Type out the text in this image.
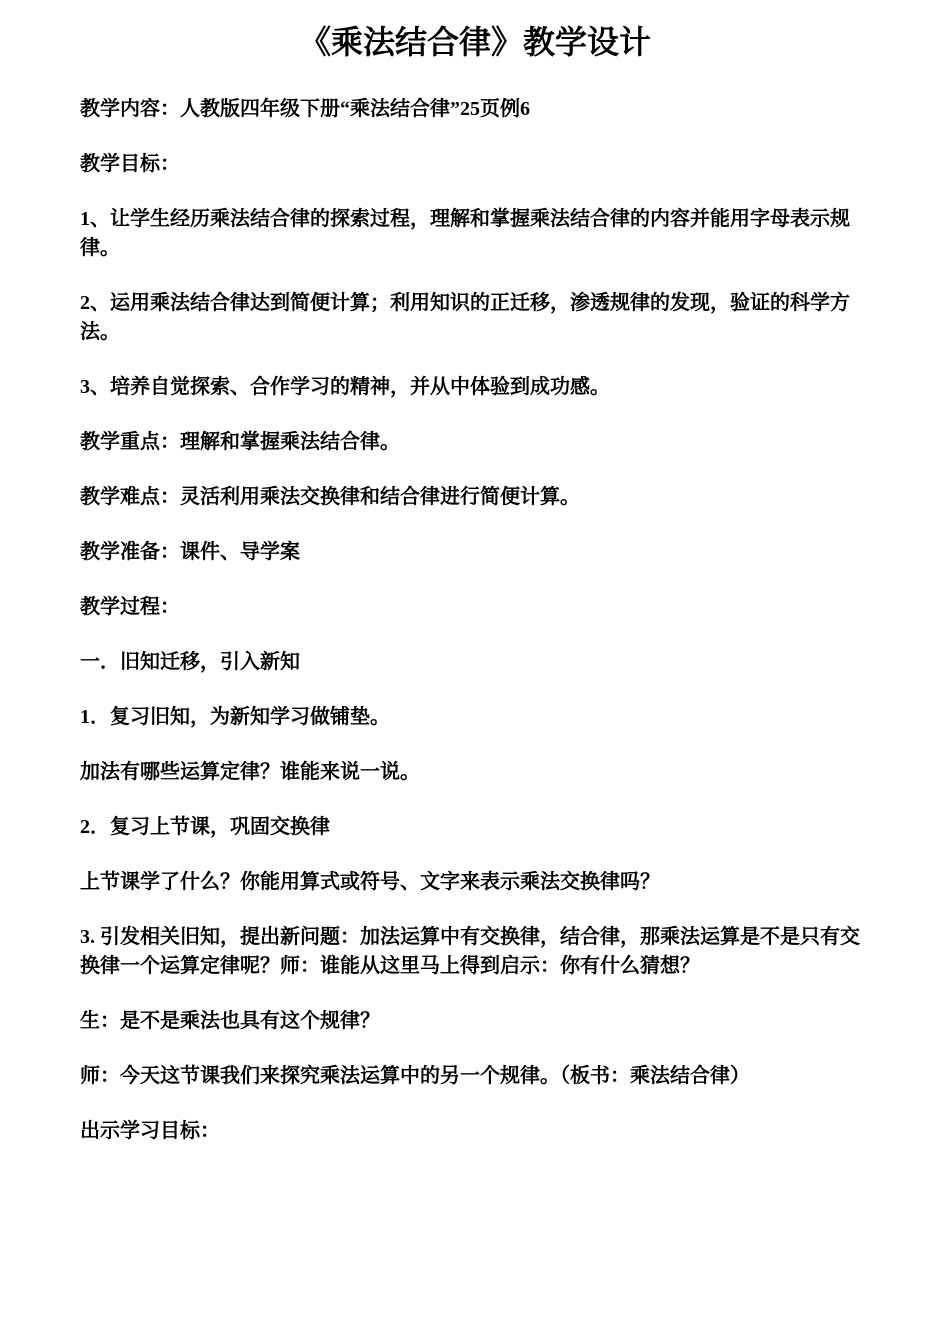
《乘法结合律》教学设计

教学内容：人教版四年级下册“乘法结合律”25页例6

教学目标：

1、让学生经历乘法结合律的探索过程，理解和掌握乘法结合律的内容并能用字母表示规律。

2、运用乘法结合律达到简便计算；利用知识的正迁移，渗透规律的发现，验证的科学方法。

3、培养自觉探索、合作学习的精神，并从中体验到成功感。

教学重点：理解和掌握乘法结合律。

教学难点：灵活利用乘法交换律和结合律进行简便计算。

教学准备：课件、导学案

教学过程：

一．旧知迁移，引入新知

1．复习旧知，为新知学习做铺垫。

加法有哪些运算定律？谁能来说一说。

2．复习上节课，巩固交换律

上节课学了什么？你能用算式或符号、文字来表示乘法交换律吗？

3. 引发相关旧知，提出新问题：加法运算中有交换律，结合律，那乘法运算是不是只有交换律一个运算定律呢？师：谁能从这里马上得到启示：你有什么猜想？

生：是不是乘法也具有这个规律？

师：今天这节课我们来探究乘法运算中的另一个规律。（板书：乘法结合律）

出示学习目标：
